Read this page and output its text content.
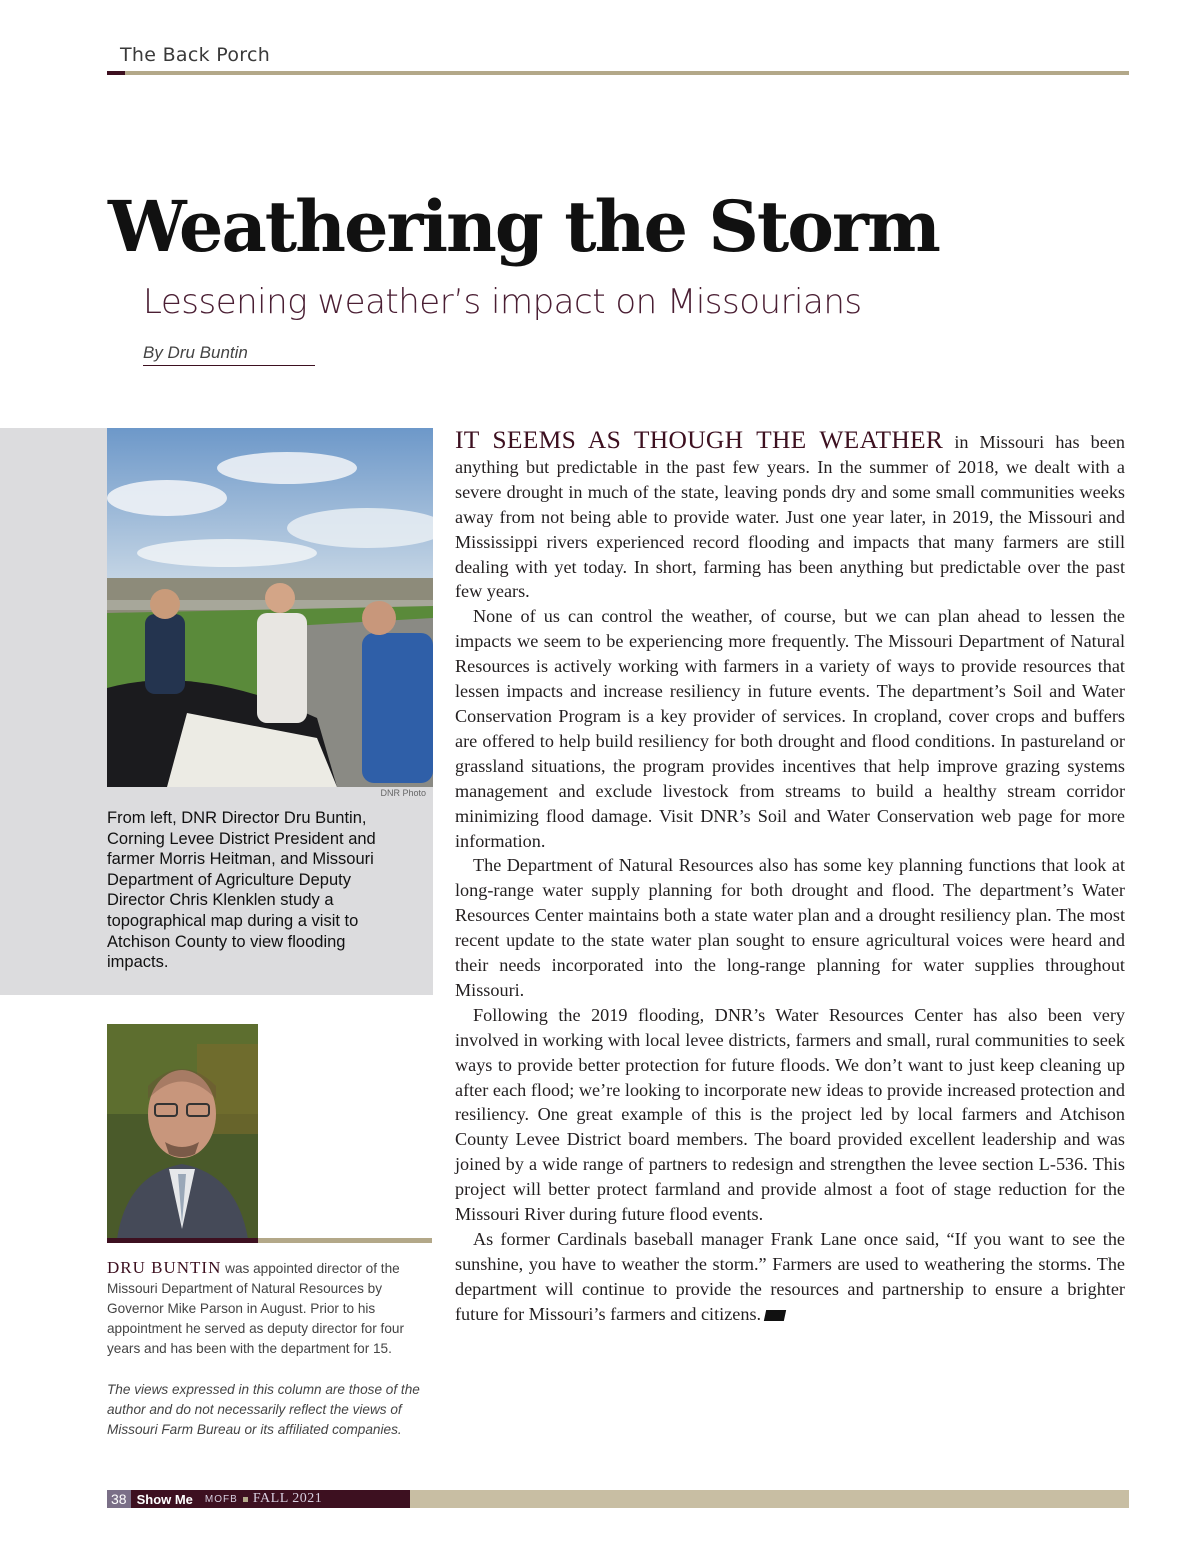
The Back Porch
Weathering the Storm
Lessening weather’s impact on Missourians
By Dru Buntin
DNR Photo
From left, DNR Director Dru Buntin, Corning Levee District President and farmer Morris Heitman, and Missouri Department of Agriculture Deputy Director Chris Klenklen study a topographical map during a visit to Atchison County to view flooding impacts.
DRU BUNTIN was appointed director of the Missouri Department of Natural Resources by Governor Mike Parson in August. Prior to his appointment he served as deputy director for four years and has been with the department for 15.
The views expressed in this column are those of the author and do not necessarily reflect the views of Missouri Farm Bureau or its affiliated companies.

IT SEEMS AS THOUGH THE WEATHER in Missouri has been anything but predictable in the past few years. In the summer of 2018, we dealt with a severe drought in much of the state, leaving ponds dry and some small communities weeks away from not being able to provide water. Just one year later, in 2019, the Missouri and Mississippi rivers experienced record flooding and impacts that many farmers are still dealing with yet today. In short, farming has been anything but predictable over the past few years.

None of us can control the weather, of course, but we can plan ahead to lessen the impacts we seem to be experiencing more frequently. The Missouri Department of Natural Resources is actively working with farmers in a variety of ways to provide resources that lessen impacts and increase resiliency in future events. The department’s Soil and Water Conservation Program is a key provider of services. In cropland, cover crops and buffers are offered to help build resiliency for both drought and flood conditions. In pastureland or grassland situations, the program provides incentives that help improve grazing systems management and exclude livestock from streams to build a healthy stream corridor minimizing flood damage. Visit DNR’s Soil and Water Conservation web page for more information.

The Department of Natural Resources also has some key planning functions that look at long-range water supply planning for both drought and flood. The department’s Water Resources Center maintains both a state water plan and a drought resiliency plan. The most recent update to the state water plan sought to ensure agricultural voices were heard and their needs incorporated into the long-range planning for water supplies throughout Missouri.

Following the 2019 flooding, DNR’s Water Resources Center has also been very involved in working with local levee districts, farmers and small, rural communities to seek ways to provide better protection for future floods. We don’t want to just keep cleaning up after each flood; we’re looking to incorporate new ideas to provide increased protection and resiliency. One great example of this is the project led by local farmers and Atchison County Levee District board members. The board provided excellent leadership and was joined by a wide range of partners to redesign and strengthen the levee section L-536. This project will better protect farmland and provide almost a foot of stage reduction for the Missouri River during future flood events.

As former Cardinals baseball manager Frank Lane once said, “If you want to see the sunshine, you have to weather the storm.” Farmers are used to weathering the storms. The department will continue to provide the resources and partnership to ensure a brighter future for Missouri’s farmers and citizens.

38 Show Me MOFB FALL 2021
